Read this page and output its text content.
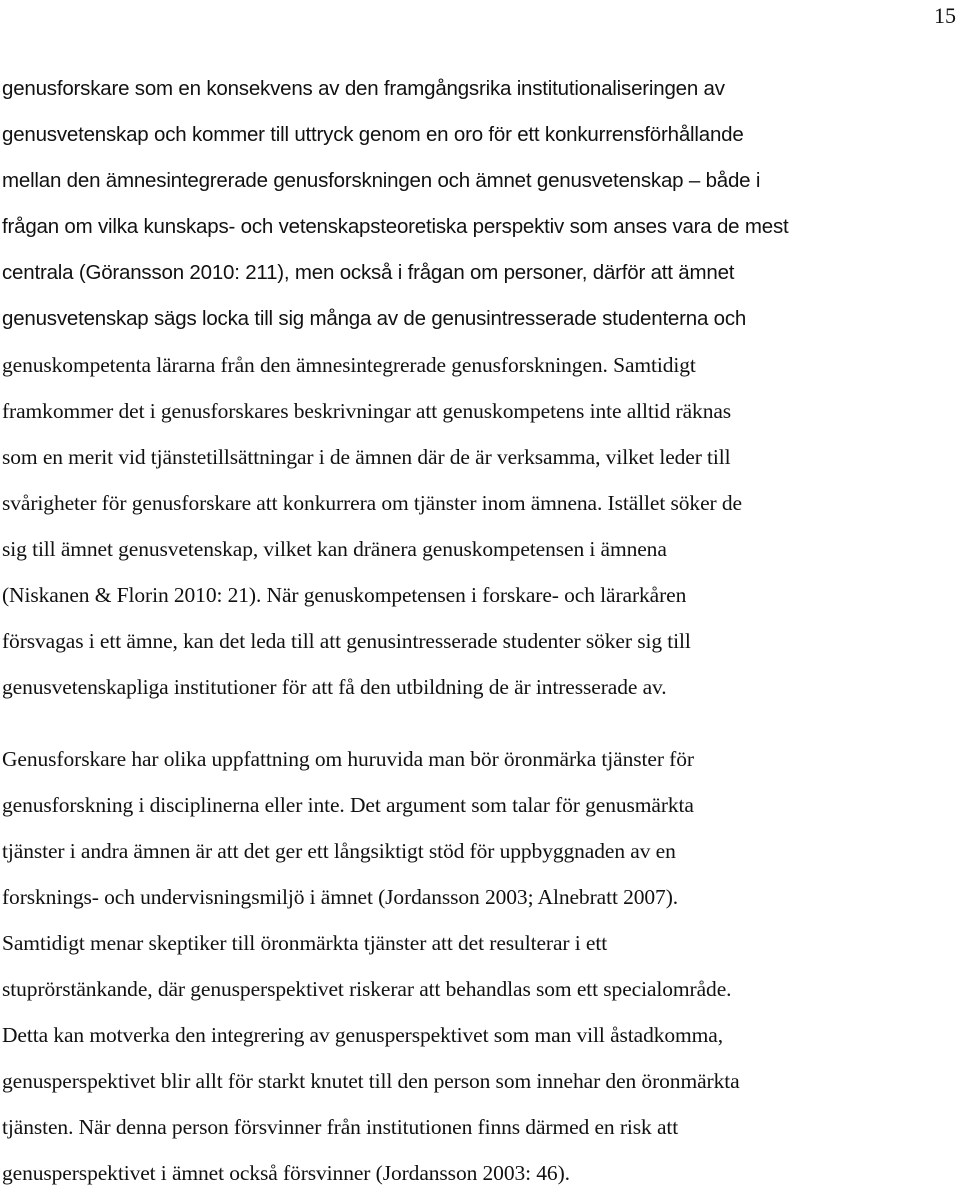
15
genusforskare som en konsekvens av den framgångsrika institutionaliseringen av
genusvetenskap och kommer till uttryck genom en oro för ett konkurrensförhållande
mellan den ämnesintegrerade genusforskningen och ämnet genusvetenskap – både i
frågan om vilka kunskaps- och vetenskapsteoretiska perspektiv som anses vara de mest
centrala (Göransson 2010: 211), men också i frågan om personer, därför att ämnet
genusvetenskap sägs locka till sig många av de genusintresserade studenterna och
genuskompetenta lärarna från den ämnesintegrerade genusforskningen. Samtidigt
framkommer det i genusforskares beskrivningar att genuskompetens inte alltid räknas
som en merit vid tjänstetillsättningar i de ämnen där de är verksamma, vilket leder till
svårigheter för genusforskare att konkurrera om tjänster inom ämnena. Istället söker de
sig till ämnet genusvetenskap, vilket kan dränera genuskompetensen i ämnena
(Niskanen & Florin 2010: 21). När genuskompetensen i forskare- och lärarkåren
försvagas i ett ämne, kan det leda till att genusintresserade studenter söker sig till
genusvetenskapliga institutioner för att få den utbildning de är intresserade av.
Genusforskare har olika uppfattning om huruvida man bör öronmärka tjänster för
genusforskning i disciplinerna eller inte. Det argument som talar för genusmärkta
tjänster i andra ämnen är att det ger ett långsiktigt stöd för uppbyggnaden av en
forsknings- och undervisningsmiljö i ämnet (Jordansson 2003; Alnebratt 2007).
Samtidigt menar skeptiker till öronmärkta tjänster att det resulterar i ett
stuprörstänkande, där genusperspektivet riskerar att behandlas som ett specialområde.
Detta kan motverka den integrering av genusperspektivet som man vill åstadkomma,
genusperspektivet blir allt för starkt knutet till den person som innehar den öronmärkta
tjänsten. När denna person försvinner från institutionen finns därmed en risk att
genusperspektivet i ämnet också försvinner (Jordansson 2003: 46).
